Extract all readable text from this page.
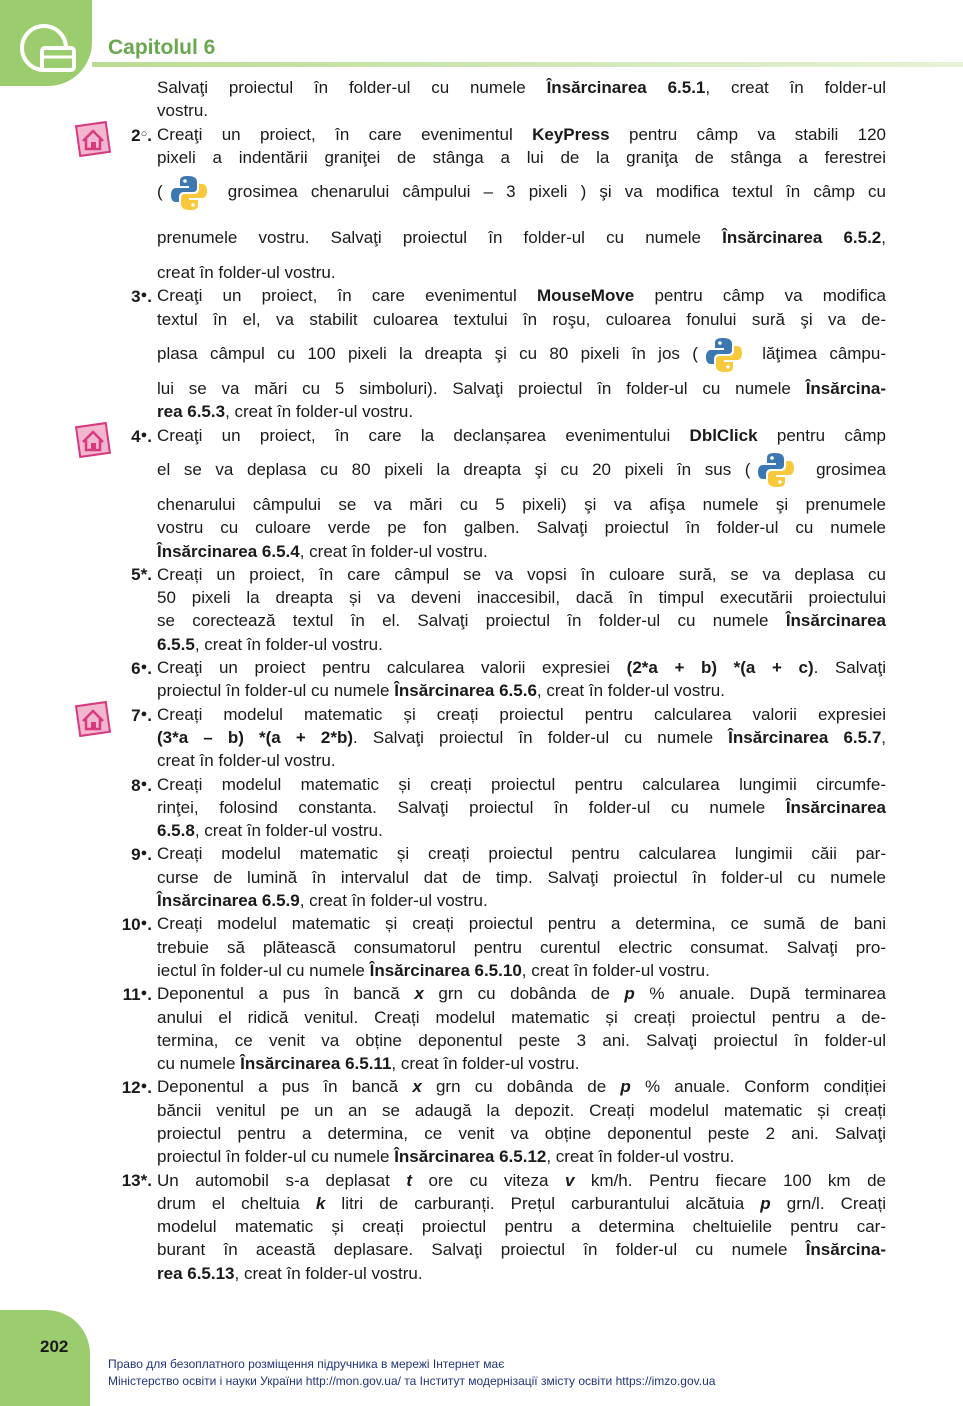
Capitolul 6
Salvaţi proiectul în folder-ul cu numele Însărcinarea 6.5.1, creat în folder-ul
vostru.
2○. Creaţi un proiect, în care evenimentul KeyPress pentru câmp va stabili 120
pixeli a indentării graniţei de stânga a lui de la graniţa de stânga a ferestrei
(	grosimea chenarului câmpului – 3 pixeli ) şi va modifica textul în câmp cu
prenumele vostru. Salvaţi proiectul în folder-ul cu numele Însărcinarea 6.5.2,
creat în folder-ul vostru.
3●. Creaţi un proiect, în care evenimentul MouseMove pentru câmp va modifica
textul în el, va stabilit culoarea textului în roşu, culoarea fonului sură şi va de-
plasa câmpul cu 100 pixeli la dreapta şi cu 80 pixeli în jos (	lăţimea câmpu-
lui se va mări cu 5 simboluri). Salvaţi proiectul în folder-ul cu numele Însărcina-
rea 6.5.3, creat în folder-ul vostru.
4●. Creaţi un proiect, în care la declanșarea evenimentului DblClick pentru câmp
el se va deplasa cu 80 pixeli la dreapta şi cu 20 pixeli în sus (	grosimea
chenarului câmpului se va mări cu 5 pixeli) şi va afişa numele şi prenumele
vostru cu culoare verde pe fon galben. Salvaţi proiectul în folder-ul cu numele
Însărcinarea 6.5.4, creat în folder-ul vostru.
5*. Creați un proiect, în care câmpul se va vopsi în culoare sură, se va deplasa cu
50 pixeli la dreapta și va deveni inaccesibil, dacă în timpul executării proiectului
se corectează textul în el. Salvaţi proiectul în folder-ul cu numele Însărcinarea
6.5.5, creat în folder-ul vostru.
6●. Creaţi un proiect pentru calcularea valorii expresiei (2*a + b) *(a + c). Salvaţi
proiectul în folder-ul cu numele Însărcinarea 6.5.6, creat în folder-ul vostru.
7●. Creați modelul matematic și creați proiectul pentru calcularea valorii expresiei
(3*a – b) *(a + 2*b). Salvaţi proiectul în folder-ul cu numele Însărcinarea 6.5.7,
creat în folder-ul vostru.
8●. Creați modelul matematic și creați proiectul pentru calcularea lungimii circumfe-
rinţei, folosind constanta. Salvaţi proiectul în folder-ul cu numele Însărcinarea
6.5.8, creat în folder-ul vostru.
9●. Creați modelul matematic și creați proiectul pentru calcularea lungimii căii par-
curse de lumină în intervalul dat de timp. Salvaţi proiectul în folder-ul cu numele
Însărcinarea 6.5.9, creat în folder-ul vostru.
10●. Creați modelul matematic și creați proiectul pentru a determina, ce sumă de bani
trebuie să plătească consumatorul pentru curentul electric consumat. Salvaţi pro-
iectul în folder-ul cu numele Însărcinarea 6.5.10, creat în folder-ul vostru.
11●. Deponentul a pus în bancă x grn cu dobânda de p % anuale. După terminarea
anului el ridică venitul. Creați modelul matematic și creați proiectul pentru a de-
termina, ce venit va obține deponentul peste 3 ani. Salvaţi proiectul în folder-ul
cu numele Însărcinarea 6.5.11, creat în folder-ul vostru.
12●. Deponentul a pus în bancă x grn cu dobânda de p % anuale. Conform condiției
băncii venitul pe un an se adaugă la depozit. Creați modelul matematic și creați
proiectul pentru a determina, ce venit va obține deponentul peste 2 ani. Salvaţi
proiectul în folder-ul cu numele Însărcinarea 6.5.12, creat în folder-ul vostru.
13*. Un automobil s-a deplasat t ore cu viteza v km/h. Pentru fiecare 100 km de
drum el cheltuia k litri de carburanți. Prețul carburantului alcătuia p grn/l. Creați
modelul matematic și creați proiectul pentru a determina cheltuielile pentru car-
burant în această deplasare. Salvaţi proiectul în folder-ul cu numele Însărcina-
rea 6.5.13, creat în folder-ul vostru.
202
Право для безоплатного розміщення підручника в мережі Інтернет має
Міністерство освіти і науки України http://mon.gov.ua/ та Інститут модернізації змісту освіти https://imzo.gov.ua
